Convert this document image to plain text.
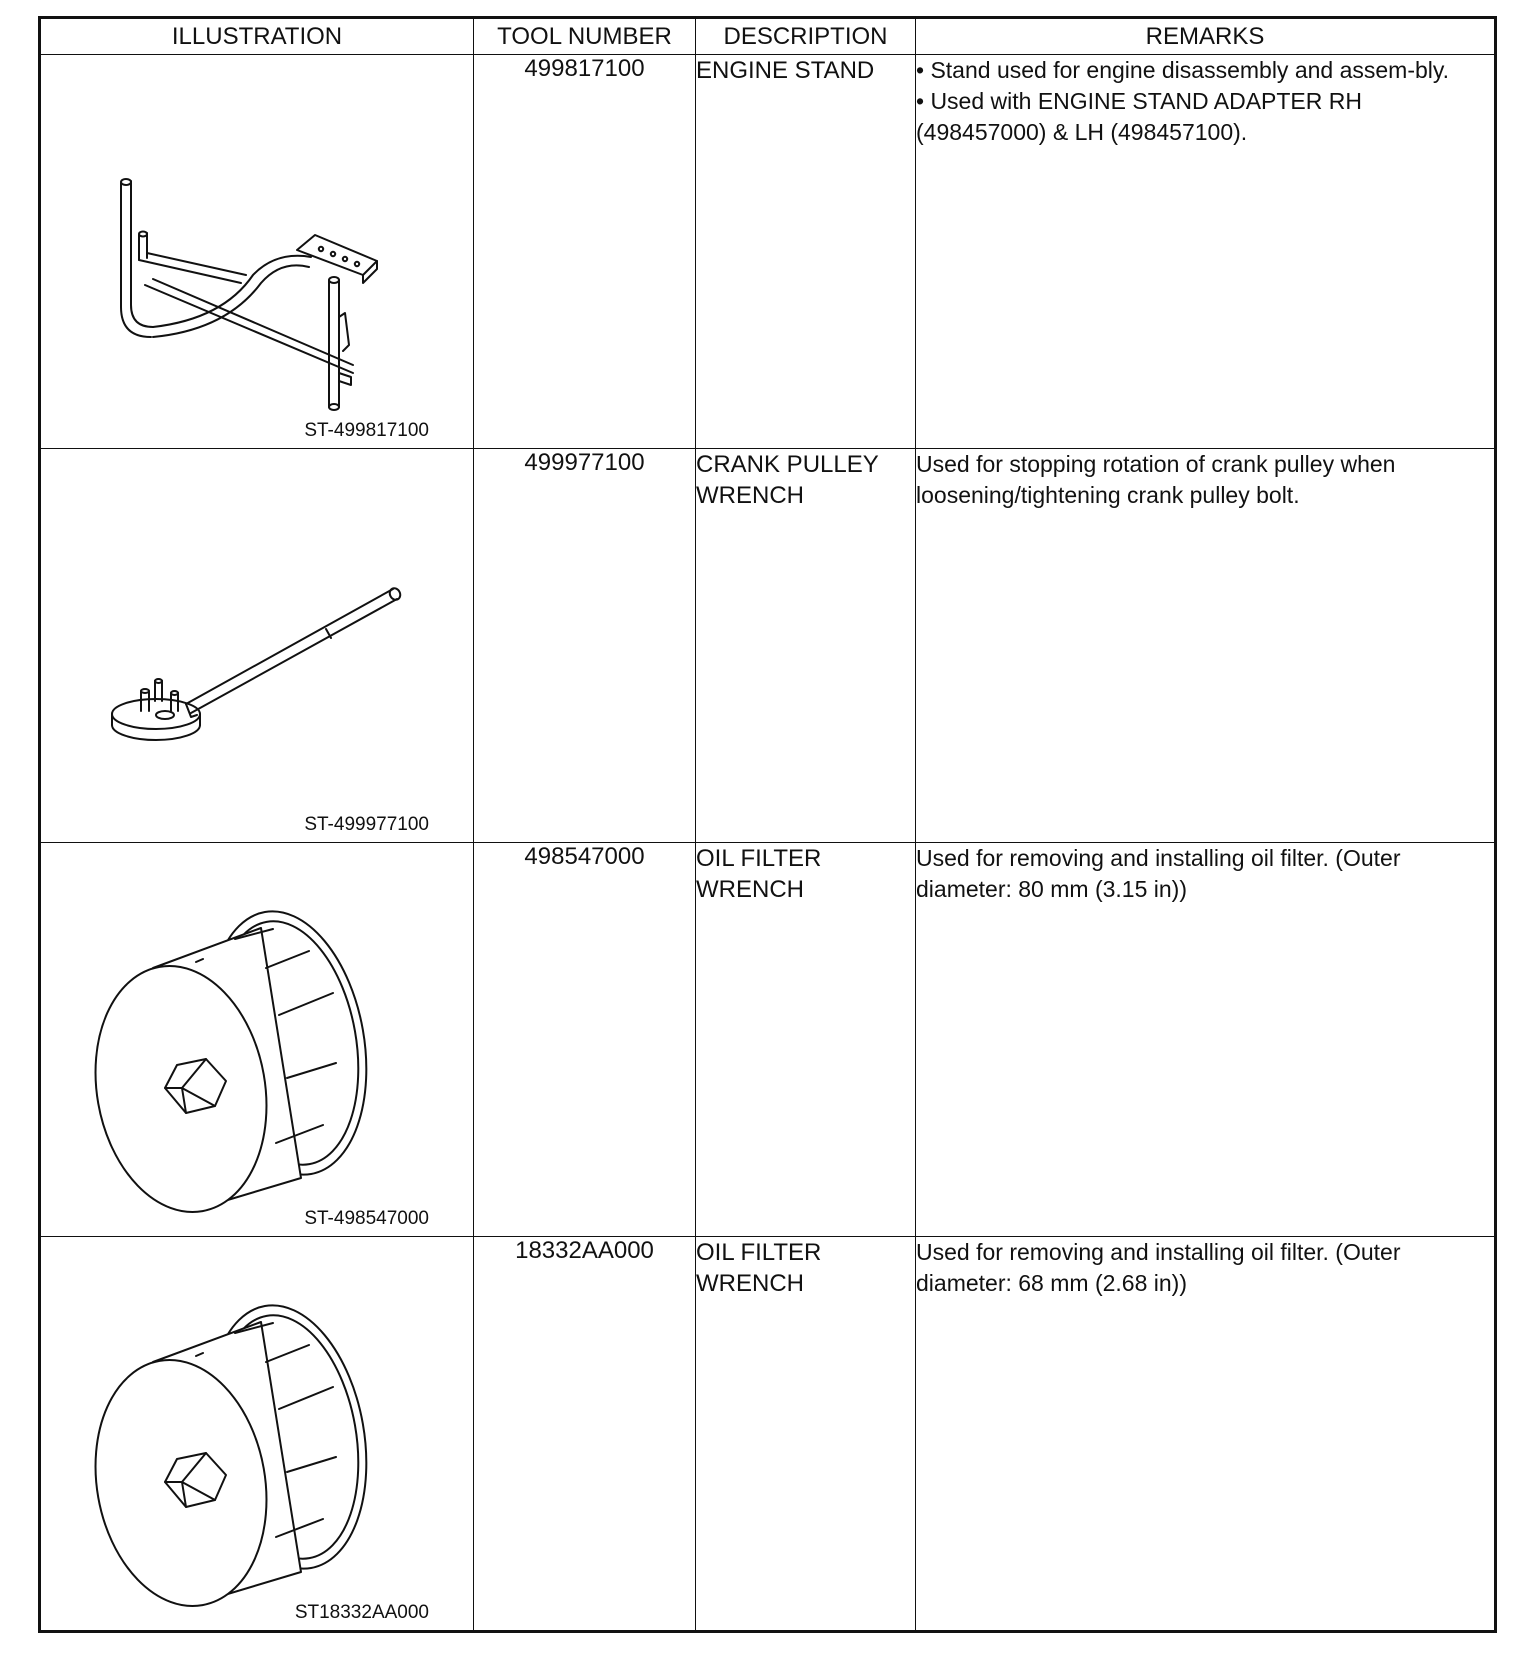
ILLUSTRATION	TOOL NUMBER	DESCRIPTION	REMARKS

ST-499817100	499817100	ENGINE STAND	• Stand used for engine disassembly and assem-bly.

• Used with ENGINE STAND ADAPTER RH (498457000) & LH (498457100).

ST-499977100	499977100	CRANK PULLEY WRENCH	Used for stopping rotation of crank pulley when loosening/tightening crank pulley bolt.

ST-498547000	498547000	OIL FILTER WRENCH	Used for removing and installing oil filter. (Outer diameter: 80 mm (3.15 in))

ST18332AA000	18332AA000	OIL FILTER WRENCH	Used for removing and installing oil filter. (Outer diameter: 68 mm (2.68 in))
